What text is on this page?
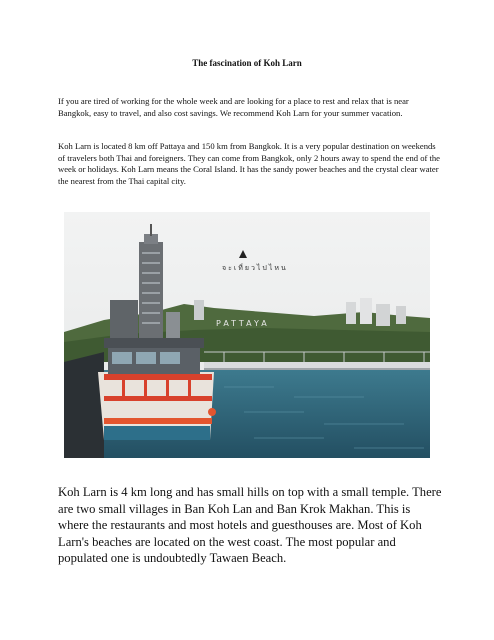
The fascination of Koh Larn

If you are tired of working for the whole week and are looking for a place to rest and relax that is near Bangkok, easy to travel, and also cost savings. We recommend Koh Larn for your summer vacation.

Koh Larn is located 8 km off Pattaya and 150 km from Bangkok. It is a very popular destination on weekends of travelers both Thai and foreigners. They can come from Bangkok, only 2 hours away to spend the end of the week or holidays. Koh Larn means the Coral Island. It has the sandy power beaches and the crystal clear water the nearest from the Thai capital city.

PATTAYA
จะเที่ยวไปไหน

Koh Larn is 4 km long and has small hills on top with a small temple. There are two small villages in Ban Koh Lan and Ban Krok Makhan. This is where the restaurants and most hotels and guesthouses are. Most of Koh Larn's beaches are located on the west coast. The most popular and populated one is undoubtedly Tawaen Beach.
